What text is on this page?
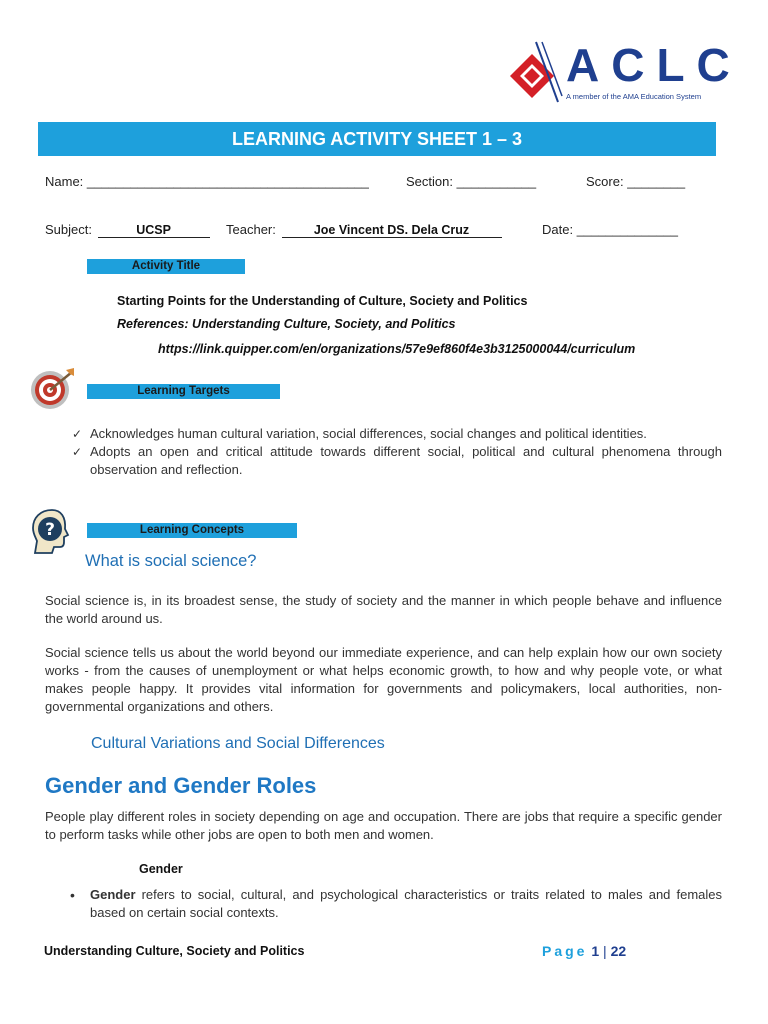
ACLC
A member of the AMA Education System
LEARNING ACTIVITY SHEET 1 – 3
Name: _______________________________________	Section: ___________	Score: ________
Subject:	UCSP	Teacher:	Joe Vincent DS. Dela Cruz	Date: ______________
Activity Title
Starting Points for the Understanding of Culture, Society and Politics
References: Understanding Culture, Society, and Politics
https://link.quipper.com/en/organizations/57e9ef860f4e3b3125000044/curriculum
Learning Targets
✓ Acknowledges human cultural variation, social differences, social changes and political identities.
✓ Adopts an open and critical attitude towards different social, political and cultural phenomena through observation and reflection.
?	Learning Concepts
What is social science?
Social science is, in its broadest sense, the study of society and the manner in which people behave and influence the world around us.
Social science tells us about the world beyond our immediate experience, and can help explain how our own society works - from the causes of unemployment or what helps economic growth, to how and why people vote, or what makes people happy. It provides vital information for governments and policymakers, local authorities, non-governmental organizations and others.
Cultural Variations and Social Differences
Gender and Gender Roles
People play different roles in society depending on age and occupation. There are jobs that require a specific gender to perform tasks while other jobs are open to both men and women.
Gender
• Gender refers to social, cultural, and psychological characteristics or traits related to males and females based on certain social contexts.
Understanding Culture, Society and Politics	Page 1 | 22
